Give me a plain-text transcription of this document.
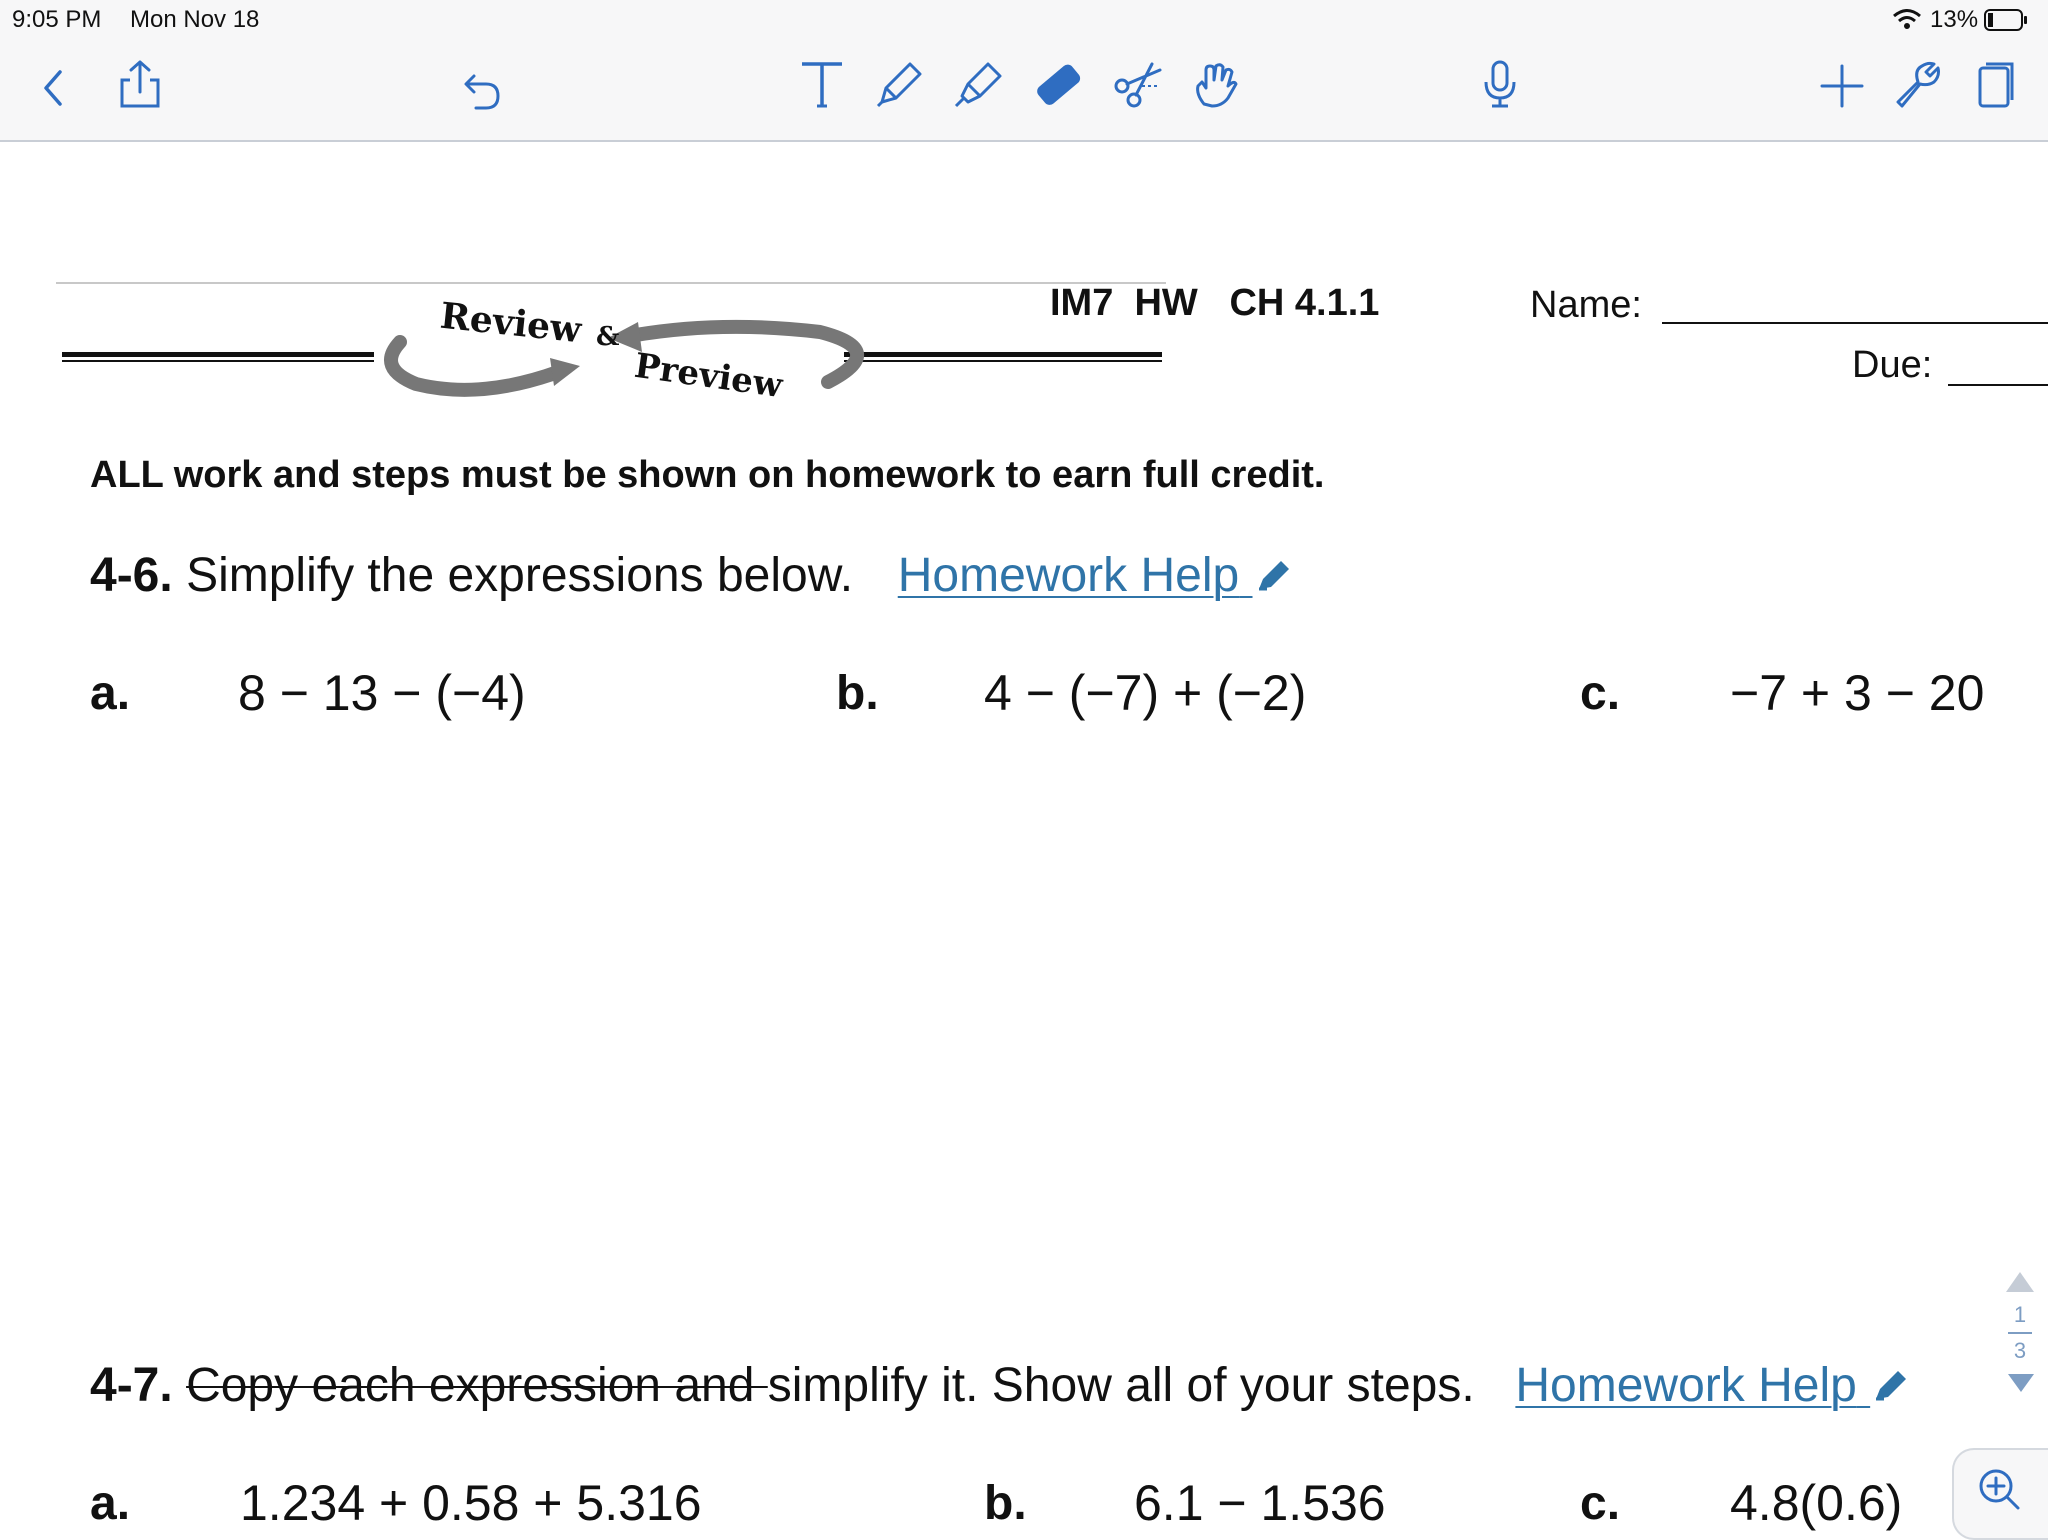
9:05 PM Mon Nov 18	13%
Review &
Preview
IM7  HW   CH 4.1.1	Name:
Due:
ALL work and steps must be shown on homework to earn full credit.
4-6. Simplify the expressions below. Homework Help
a. 8 − 13 − (−4)	b. 4 − (−7) + (−2)	c. −7 + 3 − 20
4-7. Copy each expression and simplify it. Show all of your steps. Homework Help
a. 1.234 + 0.58 + 5.316	b. 6.1 − 1.536	c. 4.8(0.6)
1
3
